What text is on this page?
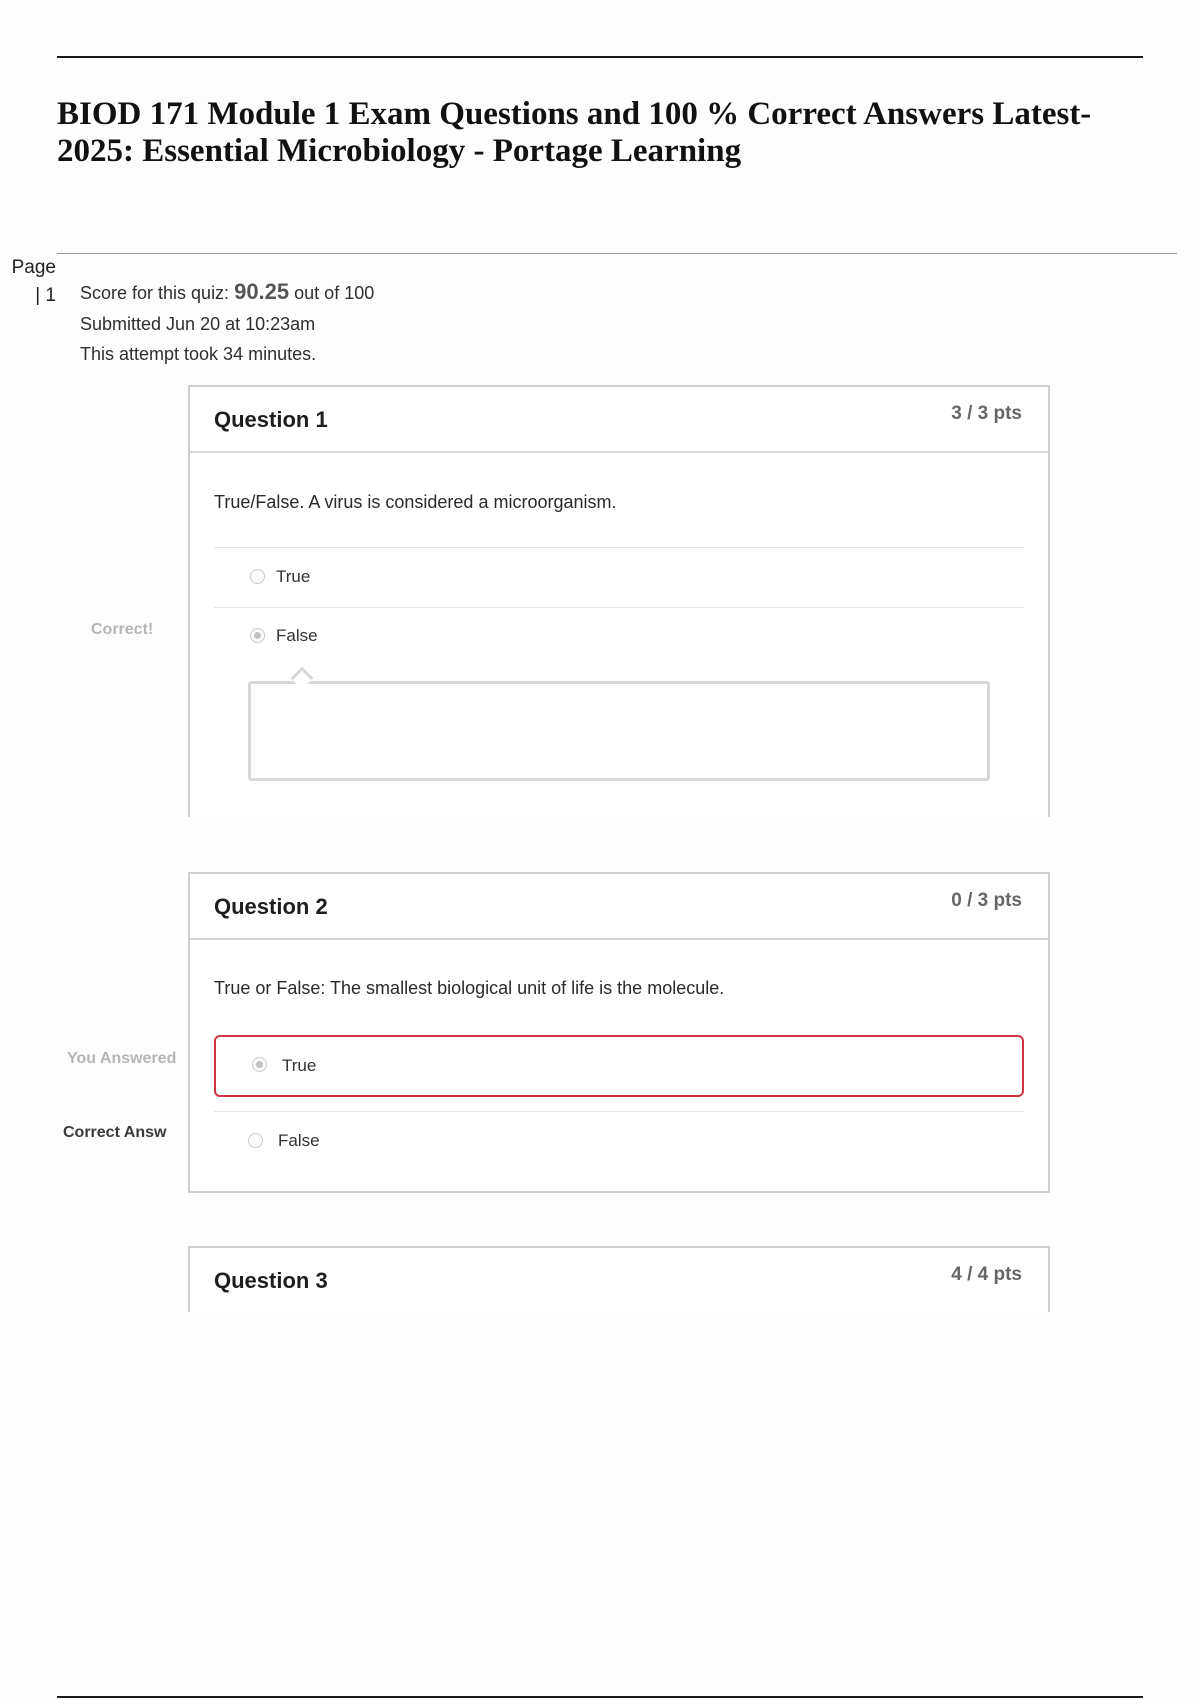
BIOD 171 Module 1 Exam Questions and 100 % Correct Answers Latest-2025: Essential Microbiology - Portage Learning
Page | 1 Score for this quiz: 90.25 out of 100
Submitted Jun 20 at 10:23am
This attempt took 34 minutes.
Correct!
Question 1	3 / 3 pts
True/False. A virus is considered a microorganism.
True
False
You Answered
Correct Answ
Question 2	0 / 3 pts
True or False: The smallest biological unit of life is the molecule.
True
False
Question 3	4 / 4 pts
